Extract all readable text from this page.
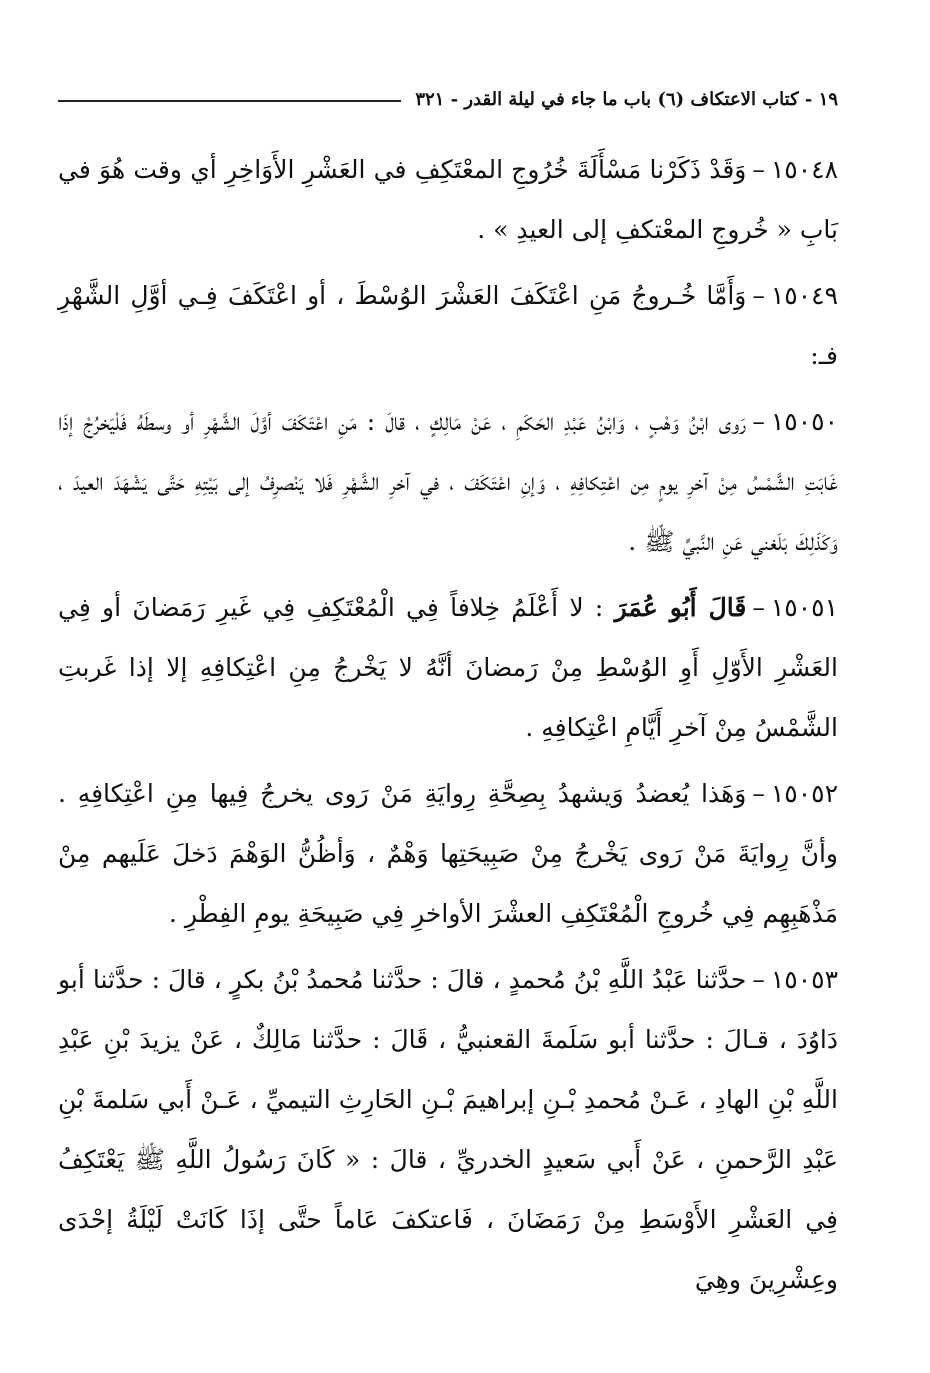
١٩ - كتاب الاعتكاف (٦) باب ما جاء في ليلة القدر - ٣٢١

١٥٠٤٨–وَقَدْ ذَكَرْنا مَسْأَلَةَ خُرُوجِ المعْتَكِفِ في العَشْرِ الأَوَاخِرِ أي وقت هُوَ في بَابِ « خُروجِ المعْتكفِ إلى العيدِ » .

١٥٠٤٩–وَأَمَّا خُـروجُ مَنِ اعْتَكَفَ العَشْرَ الوُسْطَ ، أو اعْتَكَفَ فِـي أوَّلِ الشَّهْرِ فـ:

١٥٠٥٠–رَوى ابْنُ وَهْبٍ ، وَابْنُ عَبْدِ الحَكَمِ ، عَنْ مَالِكٍ ، قالَ : مَنِ اعْتَكَفَ أوَّلَ الشَّهْرِ أو وسطَهُ فَلْيَخرُجْ إذَا غَابَتِ الشَّمْسُ مِنْ آخرِ يومٍ مِن اعْتِكافِهِ ، وَإنِ اعْتَكَفَ ، في آخرِ الشَّهْرِ فَلا يَنْصرِفُ إلى بَيْتِهِ حَتَّى يَشْهَدَ العيدَ ، وَكَذَلِكَ بَلَغني عَنِ النَّبيِّ ﷺ .

١٥٠٥١–قَالَ أَبُو عُمَرَ : لا أَعْلَمُ خِلافاً فِي الْمُعْتَكِفِ فِي غَيرِ رَمَضانَ أو فِي العَشْرِ الأَوّلِ أَوِ الوُسْطِ مِنْ رَمضانَ أنَّهُ لا يَخْرجُ مِنِ اعْتِكافِهِ إلا إذا غَربتِ الشَّمْسُ مِنْ آخرِ أَيَّامِ اعْتِكافِهِ .

١٥٠٥٢–وَهَذا يُعضدُ وَيشهدُ بِصِحَّةِ رِوايَةِ مَنْ رَوى يخرجُ فِيها مِنِ اعْتِكافِهِ . وأنَّ رِوايَةَ مَنْ رَوى يَخْرجُ مِنْ صَبِيحَتِها وَهْمٌ ، وَأظُنُّ الوَهْمَ دَخلَ عَلَيهم مِنْ مَذْهَبِهِم فِي خُروجِ الْمُعْتَكِفِ العشْرَ الأواخرِ فِي صَبِيحَةِ يومِ الفِطْرِ .

١٥٠٥٣–حدَّثنا عَبْدُ اللَّهِ بْنُ مُحمدٍ ، قالَ : حدَّثنا مُحمدُ بْنُ بكرٍ ، قالَ : حدَّثنا أبو دَاوُدَ ، قـالَ : حدَّثنا أبو سَلَمةَ القعنبيُّ ، قَالَ : حدَّثنا مَالِكٌ ، عَنْ يزيدَ بْنِ عَبْدِ اللَّهِ بْنِ الهادِ ، عَـنْ مُحمدِ بْـنِ إبراهيمَ بْـنِ الحَارِثِ التيميِّ ، عَـنْ أَبي سَلمةَ بْنِ عَبْدِ الرَّحمنِ ، عَنْ أَبي سَعيدٍ الخدريِّ ، قالَ : « كَانَ رَسُولُ اللَّهِ ﷺ يَعْتَكِفُ فِي العَشْرِ الأَوْسَطِ مِنْ رَمَضَانَ ، فَاعتكفَ عَاماً حتَّى إذَا كَانَتْ لَيْلَةُ إحْدَى وعِشْرِينَ وهِيَ
